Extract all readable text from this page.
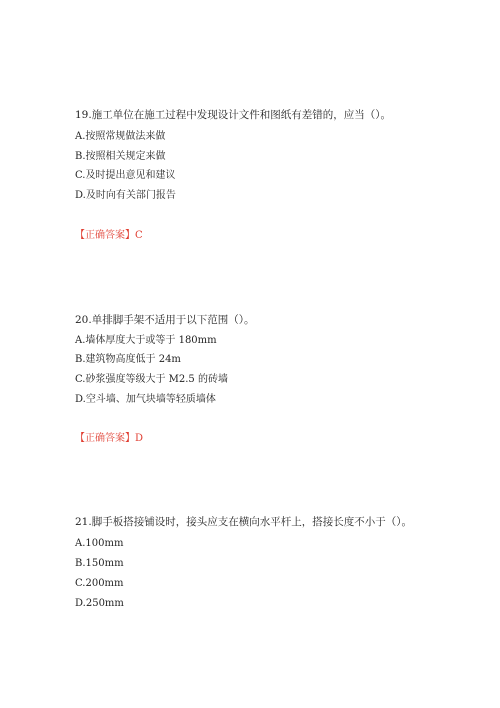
19.施工单位在施工过程中发现设计文件和图纸有差错的，应当（）。
A.按照常规做法来做
B.按照相关规定来做
C.及时提出意见和建议
D.及时向有关部门报告
【正确答案】C
20.单排脚手架不适用于以下范围（）。
A.墙体厚度大于或等于 180mm
B.建筑物高度低于 24m
C.砂浆强度等级大于 M2.5 的砖墙
D.空斗墙、加气块墙等轻质墙体
【正确答案】D
21.脚手板搭接铺设时，接头应支在横向水平杆上，搭接长度不小于（）。
A.100mm
B.150mm
C.200mm
D.250mm
